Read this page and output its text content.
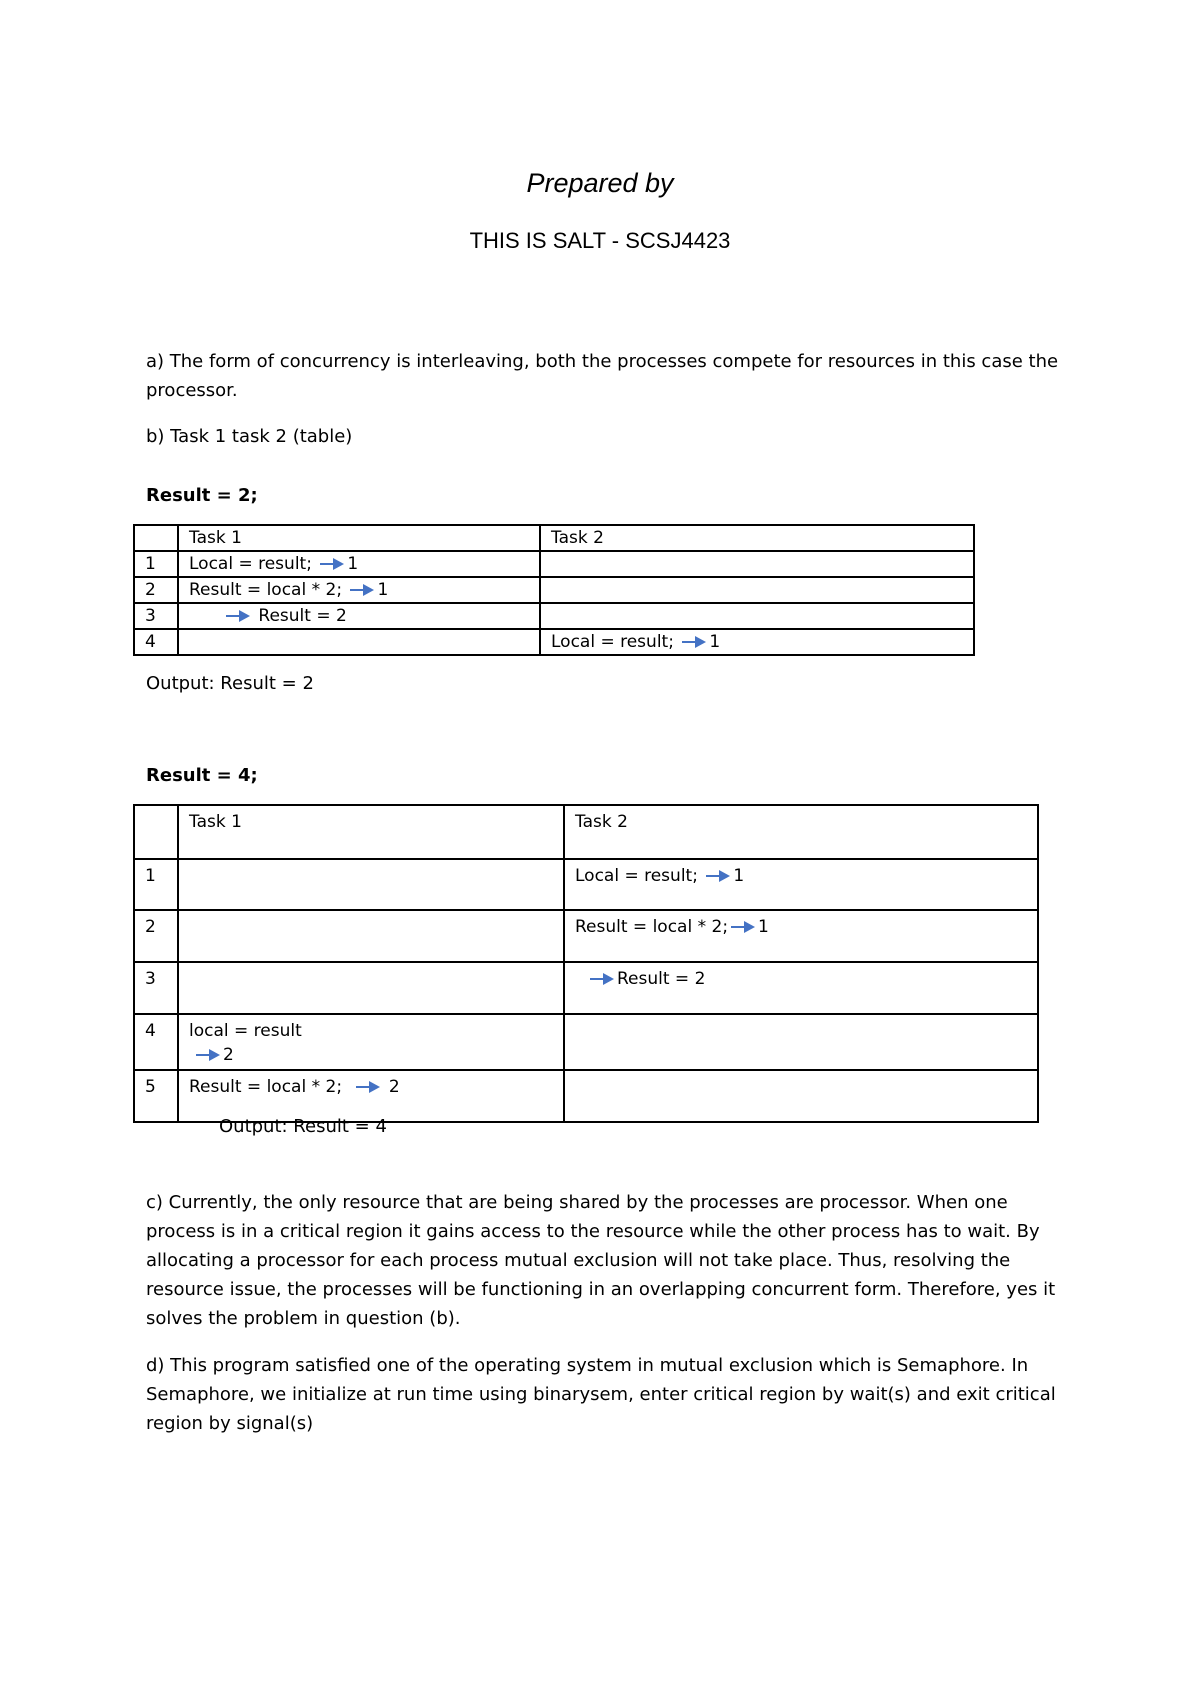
Prepared by
THIS IS SALT - SCSJ4423
a) The form of concurrency is interleaving, both the processes compete for resources in this case the processor.
b) Task 1 task 2 (table)
Result = 2;
	Task 1	Task 2
1	Local = result; 1	
2	Result = local * 2; 1	
3	Result = 2	
4		Local = result; 1
Output: Result = 2
Result = 4;
	Task 1	Task 2
1		Local = result; 1
2		Result = local * 2; 1
3		Result = 2
4	local = result
2	

5	Result = local * 2; 2	
Output: Result = 4
c) Currently, the only resource that are being shared by the processes are processor. When one process is in a critical region it gains access to the resource while the other process has to wait. By allocating a processor for each process mutual exclusion will not take place. Thus, resolving the resource issue, the processes will be functioning in an overlapping concurrent form. Therefore, yes it solves the problem in question (b).
d) This program satisfied one of the operating system in mutual exclusion which is Semaphore. In Semaphore, we initialize at run time using binarysem, enter critical region by wait(s) and exit critical region by signal(s)
